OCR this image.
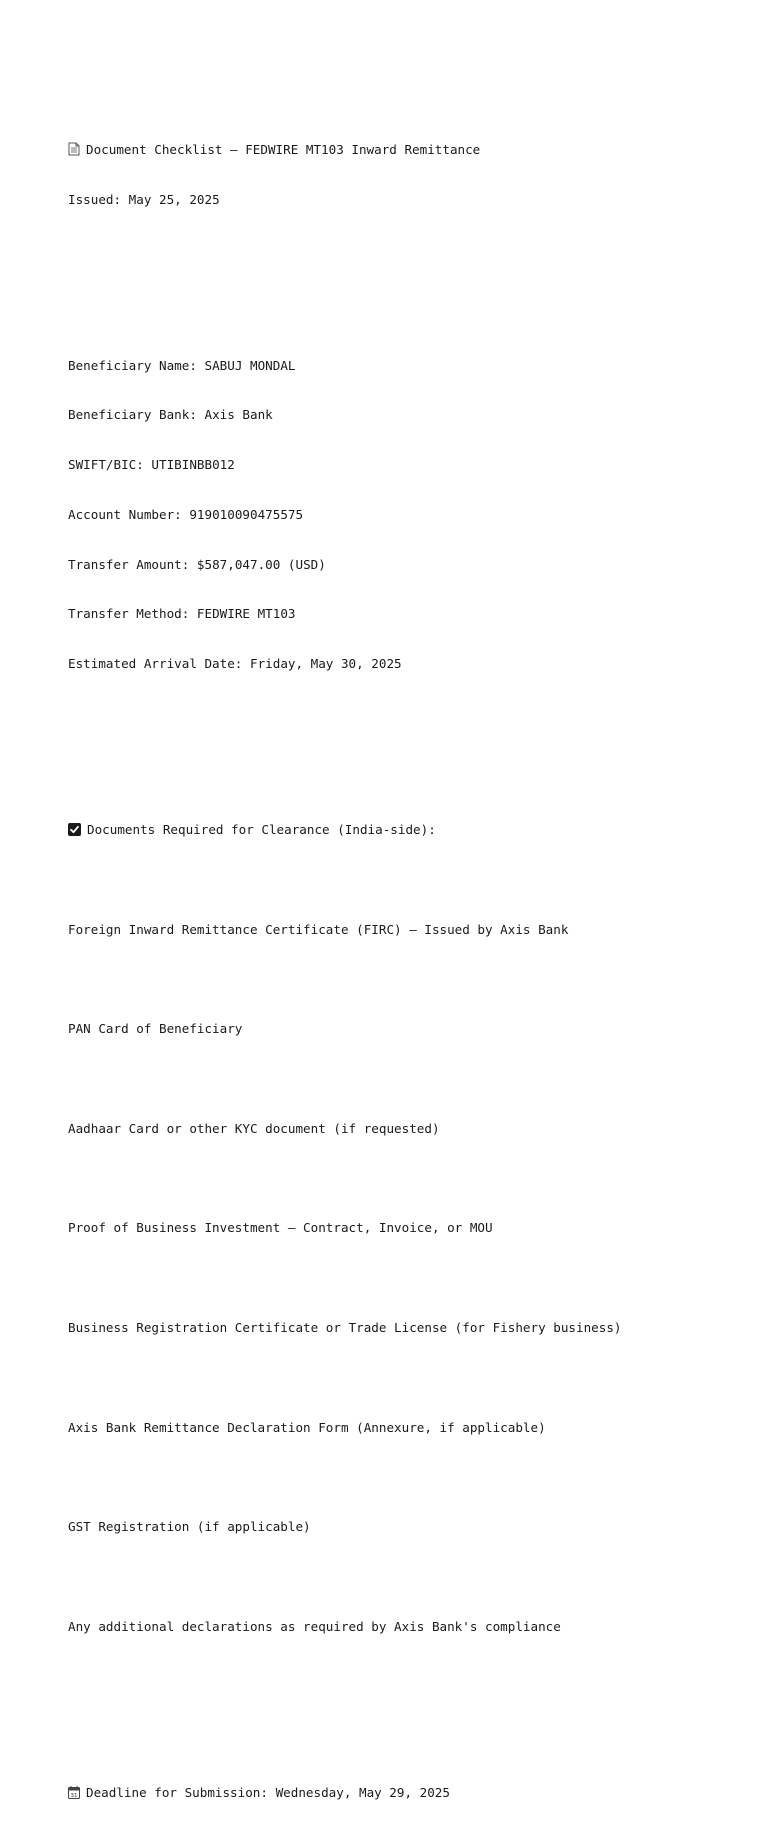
Document Checklist – FEDWIRE MT103 Inward Remittance

Issued: May 25, 2025

Beneficiary Name: SABUJ MONDAL

Beneficiary Bank: Axis Bank

SWIFT/BIC: UTIBINBB012

Account Number: 919010090475575

Transfer Amount: $587,047.00 (USD)

Transfer Method: FEDWIRE MT103

Estimated Arrival Date: Friday, May 30, 2025

Documents Required for Clearance (India-side):

Foreign Inward Remittance Certificate (FIRC) – Issued by Axis Bank

PAN Card of Beneficiary

Aadhaar Card or other KYC document (if requested)

Proof of Business Investment – Contract, Invoice, or MOU

Business Registration Certificate or Trade License (for Fishery business)

Axis Bank Remittance Declaration Form (Annexure, if applicable)

GST Registration (if applicable)

Any additional declarations as required by Axis Bank's compliance

31 Deadline for Submission: Wednesday, May 29, 2025
